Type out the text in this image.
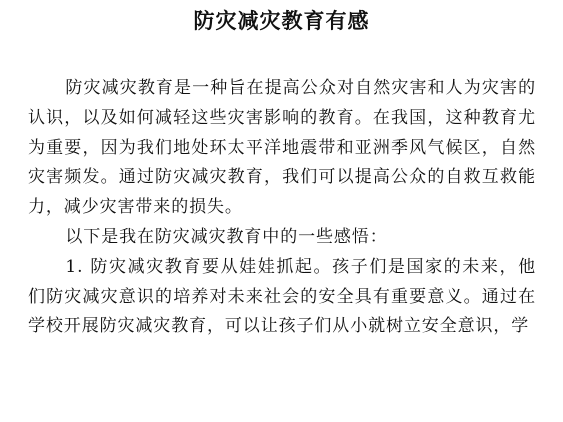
防灾减灾教育有感

防灾减灾教育是一种旨在提高公众对自然灾害和人为灾害的认识，以及如何减轻这些灾害影响的教育。在我国，这种教育尤为重要，因为我们地处环太平洋地震带和亚洲季风气候区，自然灾害频发。通过防灾减灾教育，我们可以提高公众的自救互救能力，减少灾害带来的损失。

以下是我在防灾减灾教育中的一些感悟：

1. 防灾减灾教育要从娃娃抓起。孩子们是国家的未来，他们防灾减灾意识的培养对未来社会的安全具有重要意义。通过在学校开展防灾减灾教育，可以让孩子们从小就树立安全意识，学
